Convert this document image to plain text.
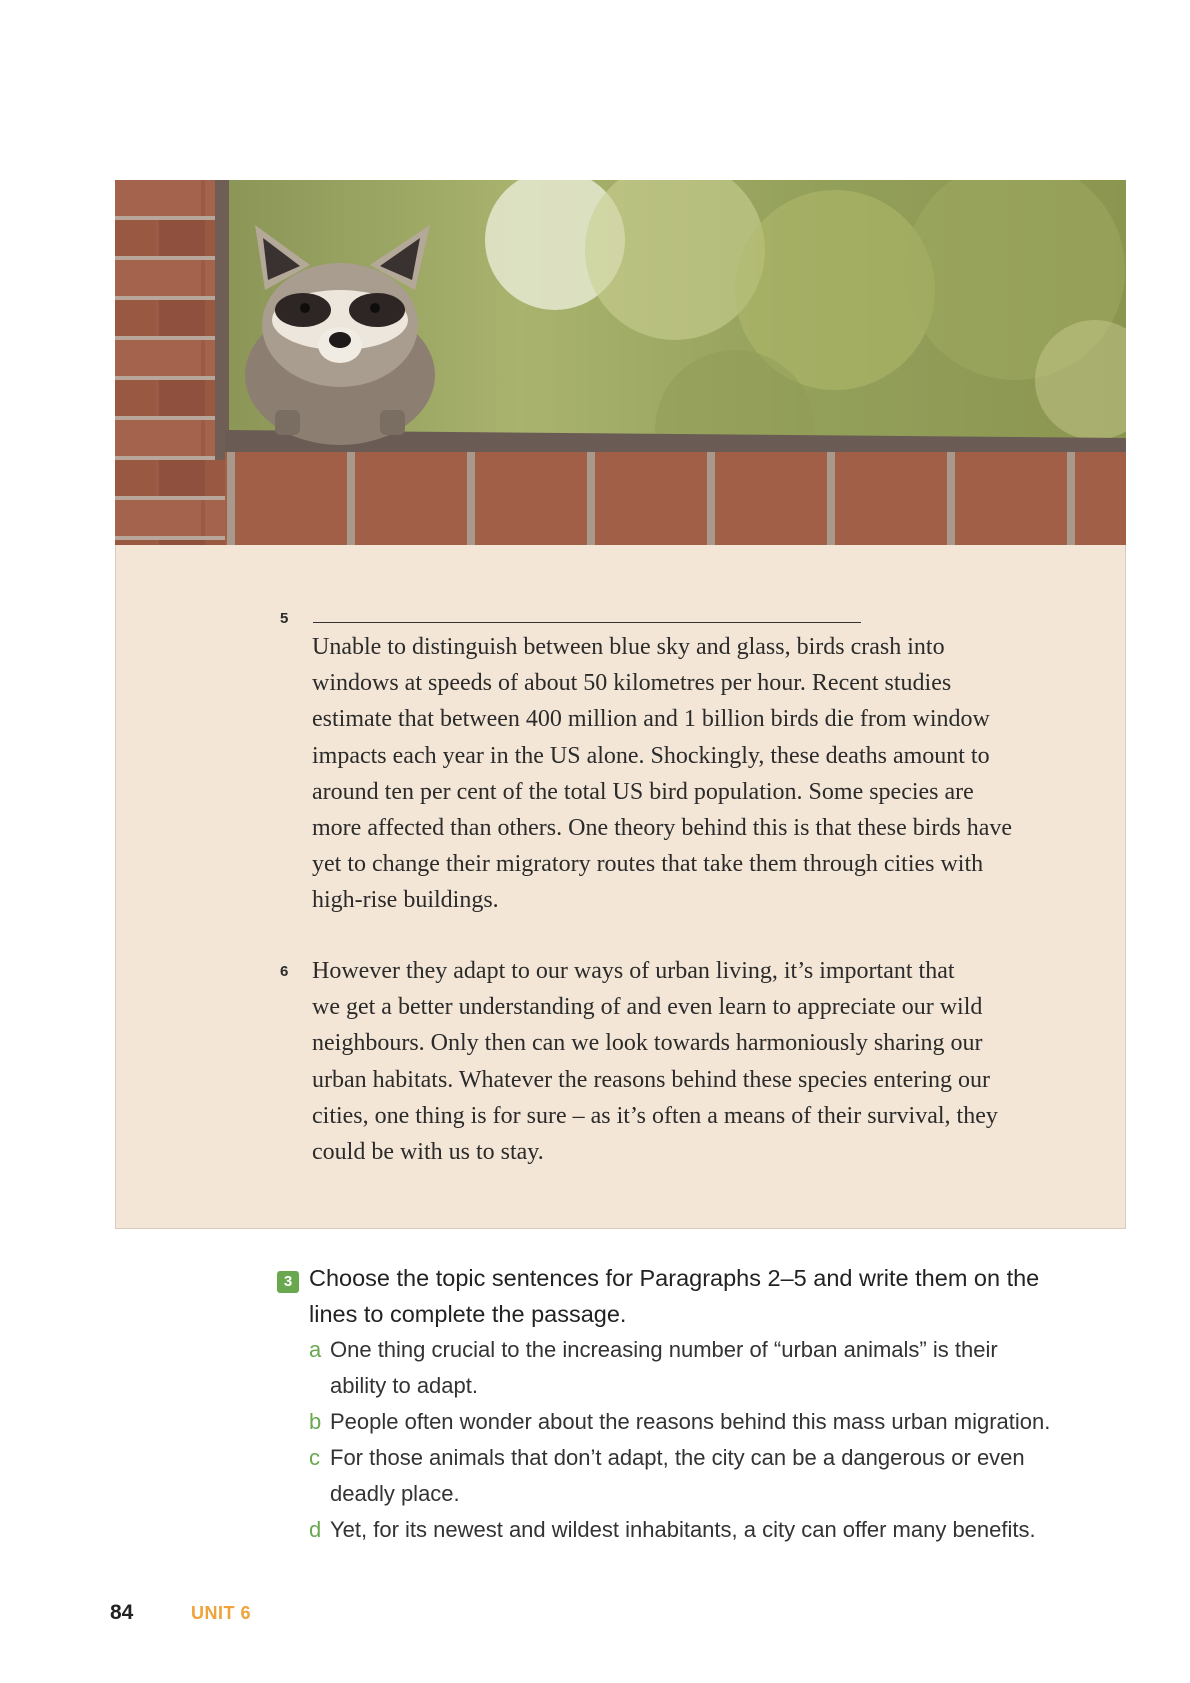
5
Unable to distinguish between blue sky and glass, birds crash into
windows at speeds of about 50 kilometres per hour. Recent studies
estimate that between 400 million and 1 billion birds die from window
impacts each year in the US alone. Shockingly, these deaths amount to
around ten per cent of the total US bird population. Some species are
more affected than others. One theory behind this is that these birds have
yet to change their migratory routes that take them through cities with
high-rise buildings.
6 However they adapt to our ways of urban living, it’s important that
we get a better understanding of and even learn to appreciate our wild
neighbours. Only then can we look towards harmoniously sharing our
urban habitats. Whatever the reasons behind these species entering our
cities, one thing is for sure – as it’s often a means of their survival, they
could be with us to stay.
3 Choose the topic sentences for Paragraphs 2–5 and write them on the
lines to complete the passage.
a One thing crucial to the increasing number of “urban animals” is their
ability to adapt.
b People often wonder about the reasons behind this mass urban migration.
c For those animals that don’t adapt, the city can be a dangerous or even
deadly place.
d Yet, for its newest and wildest inhabitants, a city can offer many benefits.
84	UNIT 6
